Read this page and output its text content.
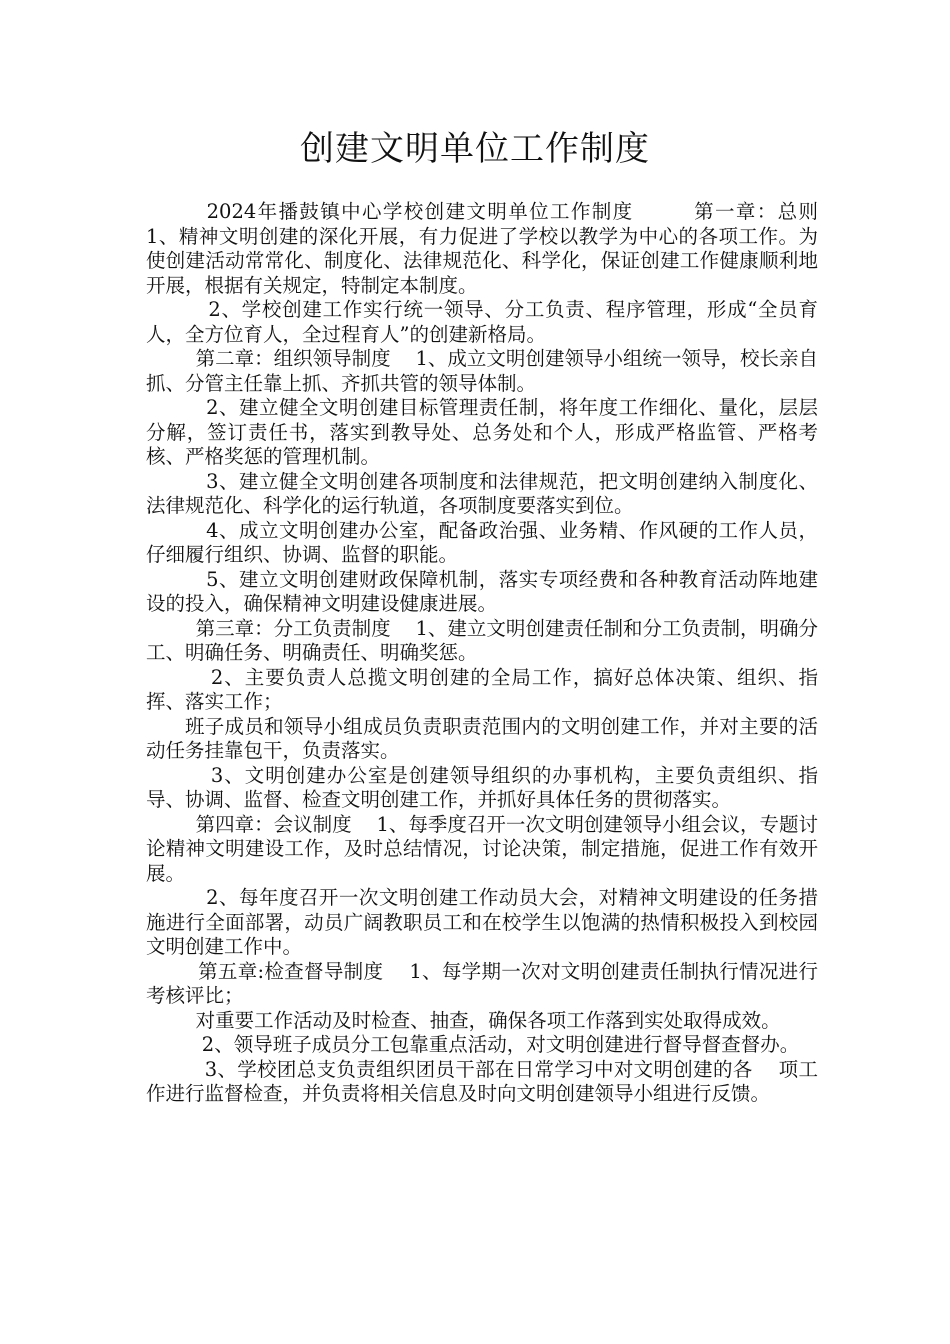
创建文明单位工作制度

2024年播鼓镇中心学校创建文明单位工作制度        第一章：总则    1、精神文明创建的深化开展，有力促进了学校以教学为中心的各项工作。为使创建活动常常化、制度化、法律规范化、科学化，保证创建工作健康顺利地开展，根据有关规定，特制定本制度。

2、学校创建工作实行统一领导、分工负责、程序管理，形成“全员育人，全方位育人，全过程育人”的创建新格局。

第二章：组织领导制度    1、成立文明创建领导小组统一领导，校长亲自抓、分管主任靠上抓、齐抓共管的领导体制。

2、建立健全文明创建目标管理责任制，将年度工作细化、量化，层层分解，签订责任书，落实到教导处、总务处和个人，形成严格监管、严格考核、严格奖惩的管理机制。

3、建立健全文明创建各项制度和法律规范，把文明创建纳入制度化、法律规范化、科学化的运行轨道，各项制度要落实到位。

4、成立文明创建办公室，配备政治强、业务精、作风硬的工作人员，仔细履行组织、协调、监督的职能。

5、建立文明创建财政保障机制，落实专项经费和各种教育活动阵地建设的投入，确保精神文明建设健康进展。

第三章：分工负责制度    1、建立文明创建责任制和分工负责制，明确分工、明确任务、明确责任、明确奖惩。

2、主要负责人总揽文明创建的全局工作，搞好总体决策、组织、指挥、落实工作；

班子成员和领导小组成员负责职责范围内的文明创建工作，并对主要的活动任务挂靠包干，负责落实。

3、文明创建办公室是创建领导组织的办事机构，主要负责组织、指导、协调、监督、检查文明创建工作，并抓好具体任务的贯彻落实。

第四章：会议制度    1、每季度召开一次文明创建领导小组会议，专题讨论精神文明建设工作，及时总结情况，讨论决策，制定措施，促进工作有效开展。

2、每年度召开一次文明创建工作动员大会，对精神文明建设的任务措施进行全面部署，动员广阔教职员工和在校学生以饱满的热情积极投入到校园文明创建工作中。

第五章:检查督导制度    1、每学期一次对文明创建责任制执行情况进行考核评比；

对重要工作活动及时检查、抽查，确保各项工作落到实处取得成效。

2、领导班子成员分工包靠重点活动，对文明创建进行督导督查督办。

3、学校团总支负责组织团员干部在日常学习中对文明创建的各    项工作进行监督检查，并负责将相关信息及时向文明创建领导小组进行反馈。
